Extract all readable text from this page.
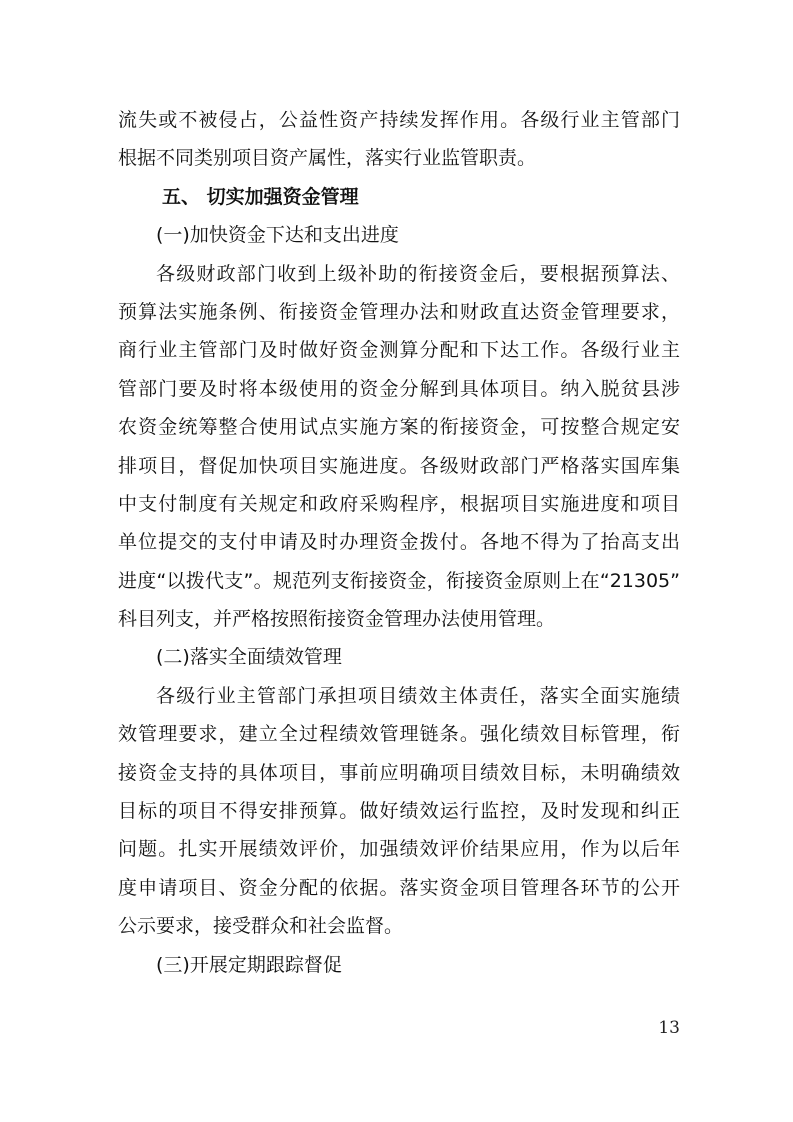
流失或不被侵占，公益性资产持续发挥作用。各级行业主管部门
根据不同类别项目资产属性，落实行业监管职责。
五、 切实加强资金管理
(一)加快资金下达和支出进度
各级财政部门收到上级补助的衔接资金后，要根据预算法、
预算法实施条例、衔接资金管理办法和财政直达资金管理要求，
商行业主管部门及时做好资金测算分配和下达工作。各级行业主
管部门要及时将本级使用的资金分解到具体项目。纳入脱贫县涉
农资金统筹整合使用试点实施方案的衔接资金，可按整合规定安
排项目，督促加快项目实施进度。各级财政部门严格落实国库集
中支付制度有关规定和政府采购程序，根据项目实施进度和项目
单位提交的支付申请及时办理资金拨付。各地不得为了抬高支出
进度“以拨代支”。规范列支衔接资金，衔接资金原则上在“21305”
科目列支，并严格按照衔接资金管理办法使用管理。
(二)落实全面绩效管理
各级行业主管部门承担项目绩效主体责任，落实全面实施绩
效管理要求，建立全过程绩效管理链条。强化绩效目标管理，衔
接资金支持的具体项目，事前应明确项目绩效目标，未明确绩效
目标的项目不得安排预算。做好绩效运行监控，及时发现和纠正
问题。扎实开展绩效评价，加强绩效评价结果应用，作为以后年
度申请项目、资金分配的依据。落实资金项目管理各环节的公开
公示要求，接受群众和社会监督。
(三)开展定期跟踪督促
13
